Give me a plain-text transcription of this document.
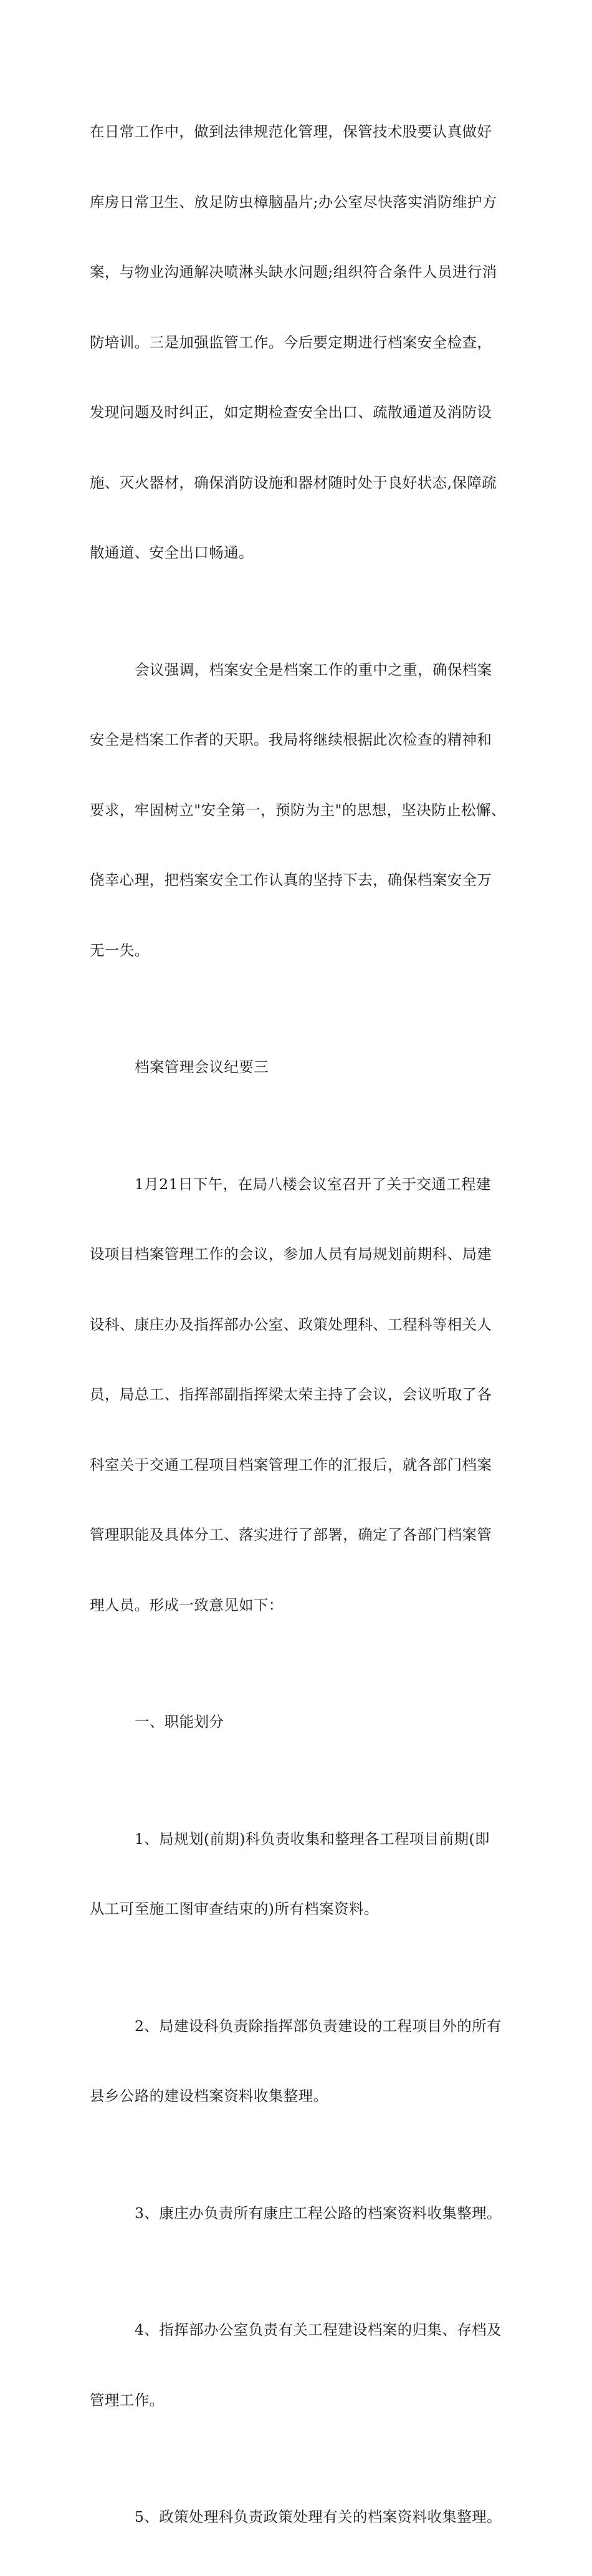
在日常工作中，做到法律规范化管理，保管技术股要认真做好

库房日常卫生、放足防虫樟脑晶片;办公室尽快落实消防维护方

案，与物业沟通解决喷淋头缺水问题;组织符合条件人员进行消

防培训。三是加强监管工作。今后要定期进行档案安全检查，

发现问题及时纠正，如定期检查安全出口、疏散通道及消防设

施、灭火器材，确保消防设施和器材随时处于良好状态,保障疏

散通道、安全出口畅通。

会议强调，档案安全是档案工作的重中之重，确保档案

安全是档案工作者的天职。我局将继续根据此次检查的精神和

要求，牢固树立"安全第一，预防为主"的思想，坚决防止松懈、

侥幸心理，把档案安全工作认真的坚持下去，确保档案安全万

无一失。

档案管理会议纪要三

1月21日下午，在局八楼会议室召开了关于交通工程建

设项目档案管理工作的会议，参加人员有局规划前期科、局建

设科、康庄办及指挥部办公室、政策处理科、工程科等相关人

员，局总工、指挥部副指挥梁太荣主持了会议，会议听取了各

科室关于交通工程项目档案管理工作的汇报后，就各部门档案

管理职能及具体分工、落实进行了部署，确定了各部门档案管

理人员。形成一致意见如下：

一、职能划分

1、局规划(前期)科负责收集和整理各工程项目前期(即

从工可至施工图审查结束的)所有档案资料。

2、局建设科负责除指挥部负责建设的工程项目外的所有

县乡公路的建设档案资料收集整理。

3、康庄办负责所有康庄工程公路的档案资料收集整理。

4、指挥部办公室负责有关工程建设档案的归集、存档及

管理工作。

5、政策处理科负责政策处理有关的档案资料收集整理。
